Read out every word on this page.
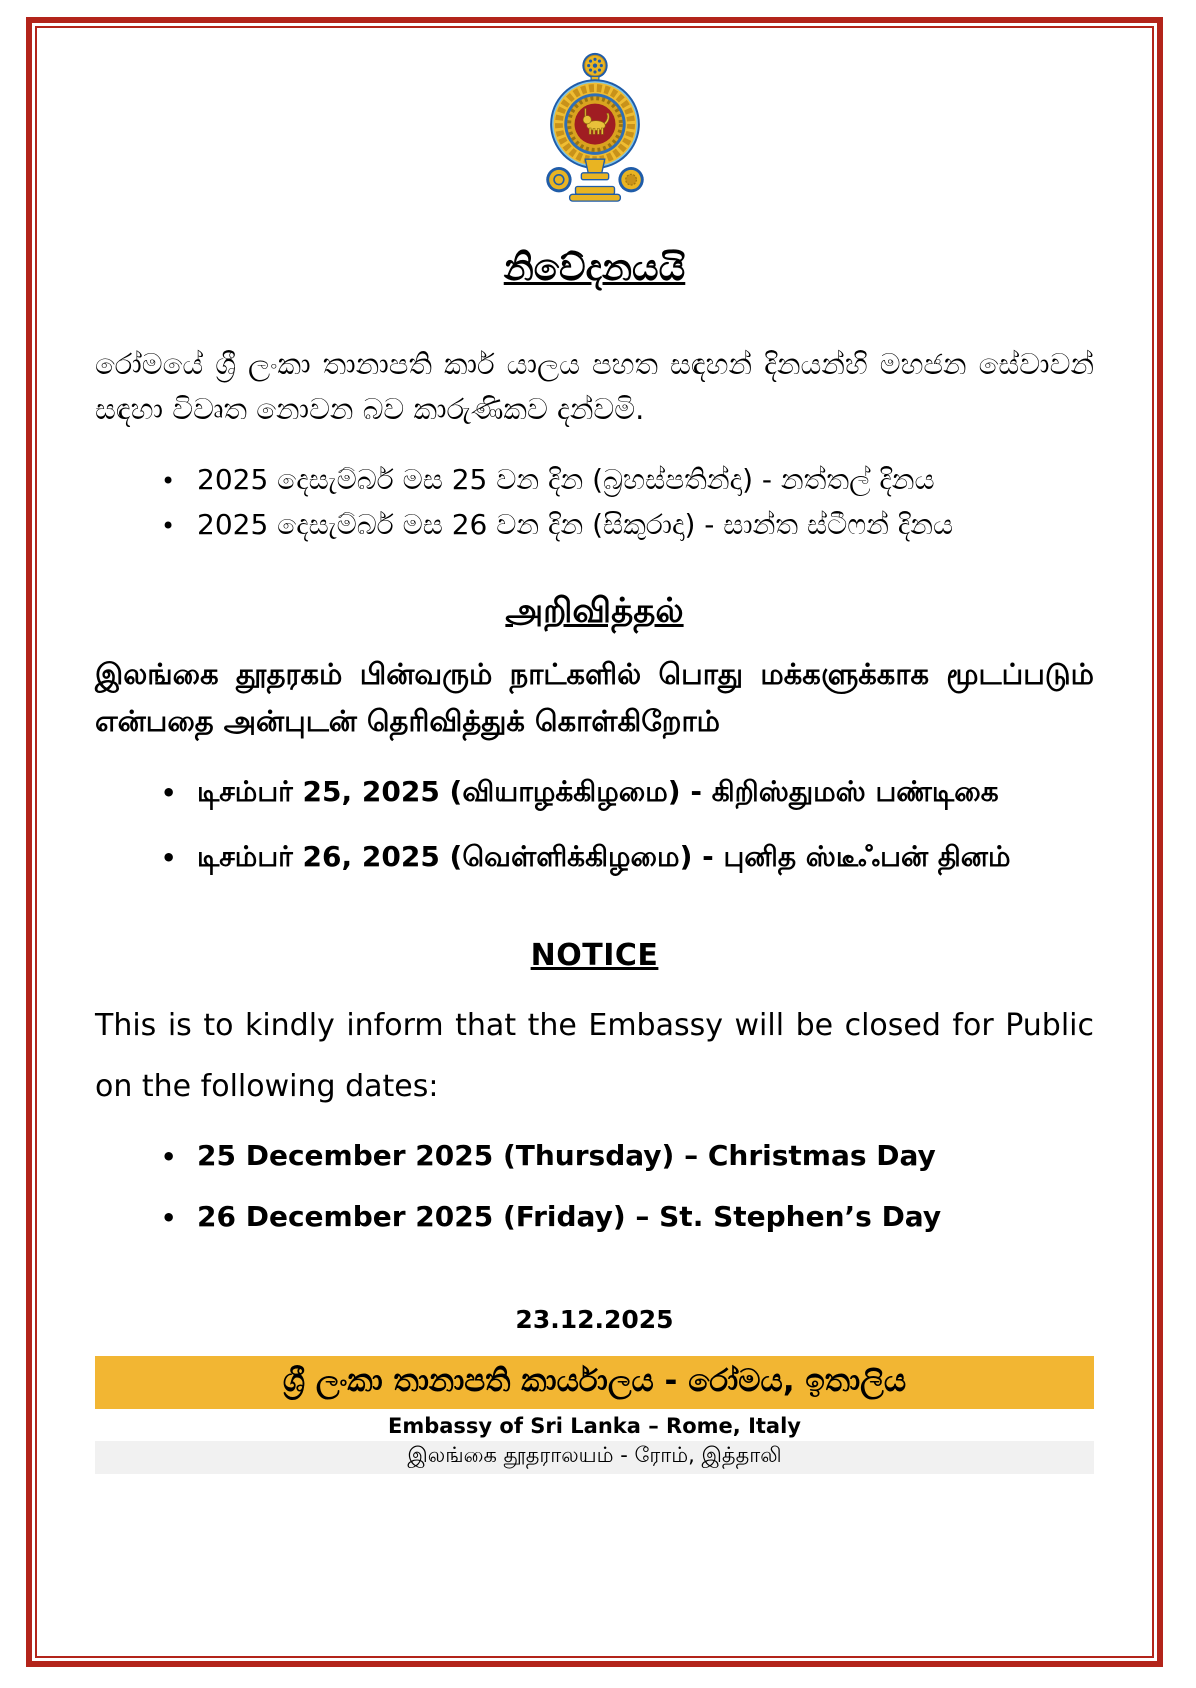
නිවේදනයයි
රෝමයේ ශ්‍රී ලංකා තානාපති කාර් යාලය පහත සඳහන් දිනයන්හි මහජන සේවාවන් සඳහා විවෘත නොවන බව කාරුණිකව දන්වමි.
• 2025 දෙසැම්බර් මස 25 වන දින (බ්‍රහස්පතින්දා) - නත්තල් දිනය
• 2025 දෙසැම්බර් මස 26 වන දින (සිකුරාදා) - සාන්ත ස්ටීෆන් දිනය
அறிவித்தல்
இலங்கை தூதரகம் பின்வரும் நாட்களில் பொது மக்களுக்காக மூடப்படும் என்பதை அன்புடன் தெரிவித்துக் கொள்கிறோம்
• டிசம்பர் 25, 2025 (வியாழக்கிழமை) - கிறிஸ்துமஸ் பண்டிகை
• டிசம்பர் 26, 2025 (வெள்ளிக்கிழமை) - புனித ஸ்டீஃபன் தினம்
NOTICE
This is to kindly inform that the Embassy will be closed for Public on the following dates:
• 25 December 2025 (Thursday) – Christmas Day
• 26 December 2025 (Friday) – St. Stephen’s Day
23.12.2025
ශ්‍රී ලංකා තානාපති කාර්යාලය - රෝමය, ඉතාලිය
Embassy of Sri Lanka – Rome, Italy
இலங்கை தூதராலயம் - ரோம், இத்தாலி
